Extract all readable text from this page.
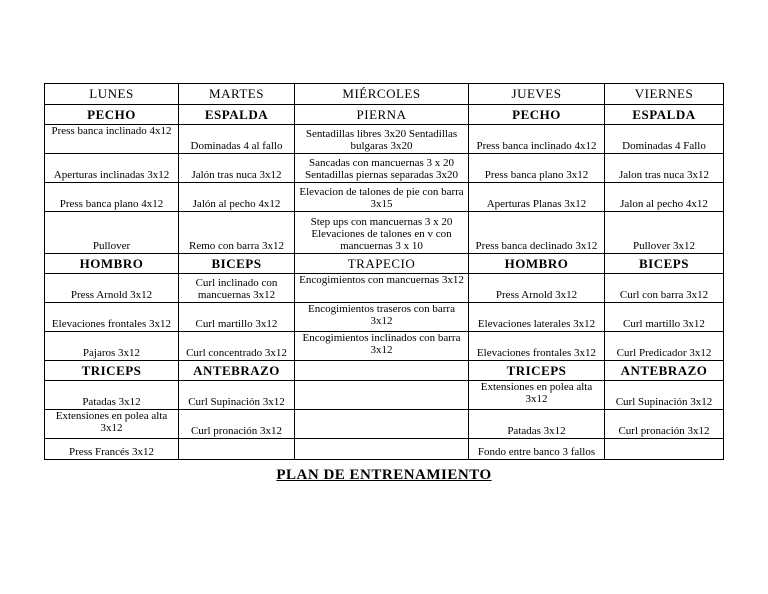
LUNES	MARTES	MIÉRCOLES	JUEVES	VIERNES
PECHO	ESPALDA	PIERNA	PECHO	ESPALDA
Press banca inclinado 4x12	Dominadas 4 al fallo	Sentadillas libres 3x20 Sentadillas bulgaras 3x20	Press banca inclinado 4x12	Dominadas 4 Fallo
Aperturas inclinadas 3x12	Jalón tras nuca 3x12	Sancadas con mancuernas 3 x 20 Sentadillas piernas separadas 3x20	Press banca plano 3x12	Jalon tras nuca 3x12
Press banca plano 4x12	Jalón al pecho 4x12	Elevacion de talones de pie con barra 3x15	Aperturas Planas 3x12	Jalon al pecho 4x12
Pullover	Remo con barra 3x12	Step ups con mancuernas 3 x 20 Elevaciones de talones en v con mancuernas 3 x 10	Press banca declinado 3x12	Pullover 3x12
HOMBRO	BICEPS	TRAPECIO	HOMBRO	BICEPS
Press Arnold 3x12	Curl inclinado con mancuernas 3x12	Encogimientos con mancuernas 3x12	Press Arnold 3x12	Curl con barra 3x12
Elevaciones frontales 3x12	Curl martillo 3x12	Encogimientos traseros con barra 3x12	Elevaciones laterales 3x12	Curl martillo 3x12
Pajaros 3x12	Curl concentrado 3x12	Encogimientos inclinados con barra 3x12	Elevaciones frontales 3x12	Curl Predicador 3x12
TRICEPS	ANTEBRAZO		TRICEPS	ANTEBRAZO
Patadas 3x12	Curl Supinación 3x12		Extensiones en polea alta 3x12	Curl Supinación 3x12
Extensiones en polea alta 3x12	Curl pronación 3x12		Patadas 3x12	Curl pronación 3x12
Press Francés 3x12			Fondo entre banco 3 fallos	
PLAN DE ENTRENAMIENTO
